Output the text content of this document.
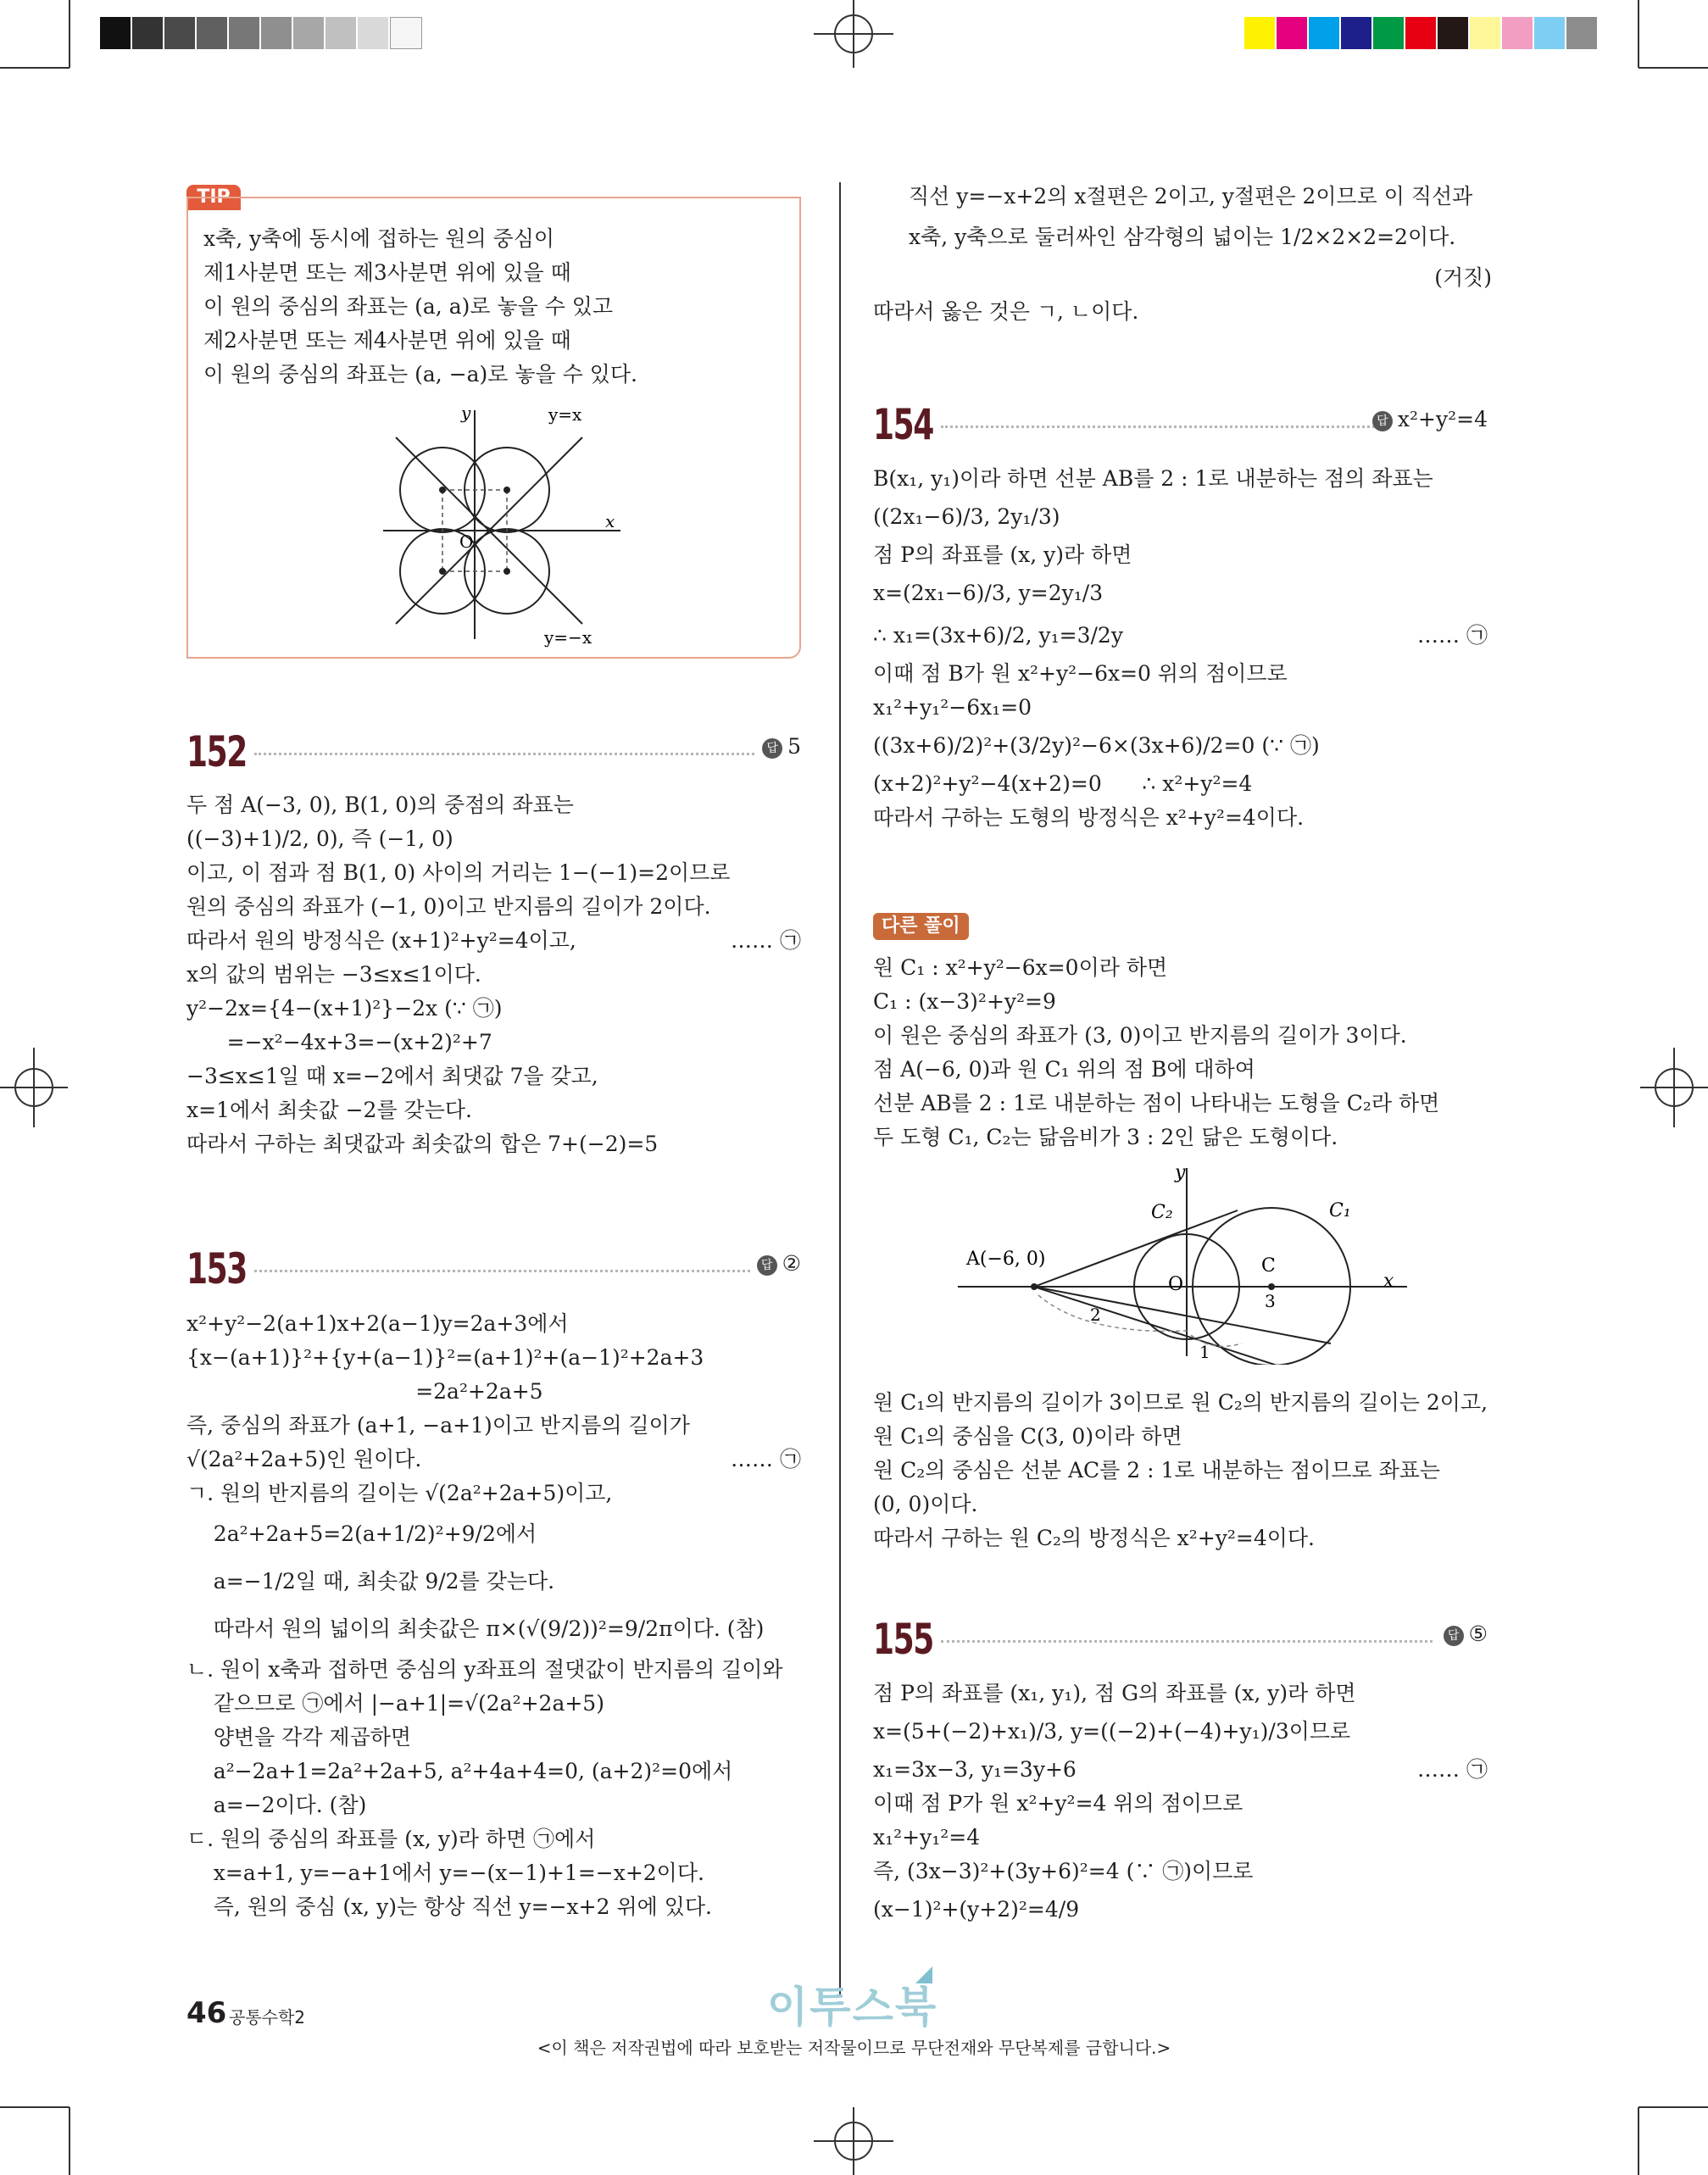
TIP
x축, y축에 동시에 접하는 원의 중심이
제1사분면 또는 제3사분면 위에 있을 때
이 원의 중심의 좌표는 (a, a)로 놓을 수 있고
제2사분면 또는 제4사분면 위에 있을 때
이 원의 중심의 좌표는 (a, −a)로 놓을 수 있다.
y
x
O
y=x
y=−x
152	답 5
두 점 A(−3, 0), B(1, 0)의 중점의 좌표는
((−3)+1)/2, 0), 즉 (−1, 0)
이고, 이 점과 점 B(1, 0) 사이의 거리는 1−(−1)=2이므로
원의 중심의 좌표가 (−1, 0)이고 반지름의 길이가 2이다.
따라서 원의 방정식은 (x+1)²+y²=4이고,	…… ㉠
x의 값의 범위는 −3≤x≤1이다.
y²−2x={4−(x+1)²}−2x (∵ ㉠)
=−x²−4x+3=−(x+2)²+7
−3≤x≤1일 때 x=−2에서 최댓값 7을 갖고,
x=1에서 최솟값 −2를 갖는다.
따라서 구하는 최댓값과 최솟값의 합은 7+(−2)=5
153	답 ②
x²+y²−2(a+1)x+2(a−1)y=2a+3에서
{x−(a+1)}²+{y+(a−1)}²=(a+1)²+(a−1)²+2a+3
=2a²+2a+5
즉, 중심의 좌표가 (a+1, −a+1)이고 반지름의 길이가
√(2a²+2a+5)인 원이다.	…… ㉠
ㄱ. 원의 반지름의 길이는 √(2a²+2a+5)이고,
2a²+2a+5=2(a+1/2)²+9/2에서
a=−1/2일 때, 최솟값 9/2를 갖는다.
따라서 원의 넓이의 최솟값은 π×(√(9/2))²=9/2π이다. (참)
ㄴ. 원이 x축과 접하면 중심의 y좌표의 절댓값이 반지름의 길이와
같으므로 ㉠에서 |−a+1|=√(2a²+2a+5)
양변을 각각 제곱하면
a²−2a+1=2a²+2a+5, a²+4a+4=0, (a+2)²=0에서
a=−2이다. (참)
ㄷ. 원의 중심의 좌표를 (x, y)라 하면 ㉠에서
x=a+1, y=−a+1에서 y=−(x−1)+1=−x+2이다.
즉, 원의 중심 (x, y)는 항상 직선 y=−x+2 위에 있다.
직선 y=−x+2의 x절편은 2이고, y절편은 2이므로 이 직선과
x축, y축으로 둘러싸인 삼각형의 넓이는 1/2×2×2=2이다.
(거짓)
따라서 옳은 것은 ㄱ, ㄴ이다.
154	답 x²+y²=4
B(x₁, y₁)이라 하면 선분 AB를 2 : 1로 내분하는 점의 좌표는
((2x₁−6)/3, 2y₁/3)
점 P의 좌표를 (x, y)라 하면
x=(2x₁−6)/3, y=2y₁/3
∴ x₁=(3x+6)/2, y₁=3/2y	…… ㉠
이때 점 B가 원 x²+y²−6x=0 위의 점이므로
x₁²+y₁²−6x₁=0
((3x+6)/2)²+(3/2y)²−6×(3x+6)/2=0 (∵ ㉠)
(x+2)²+y²−4(x+2)=0      ∴ x²+y²=4
따라서 구하는 도형의 방정식은 x²+y²=4이다.
다른 풀이
원 C₁ : x²+y²−6x=0이라 하면
C₁ : (x−3)²+y²=9
이 원은 중심의 좌표가 (3, 0)이고 반지름의 길이가 3이다.
점 A(−6, 0)과 원 C₁ 위의 점 B에 대하여
선분 AB를 2 : 1로 내분하는 점이 나타내는 도형을 C₂라 하면
두 도형 C₁, C₂는 닮음비가 3 : 2인 닮은 도형이다.
A(−6, 0)
O
C
3
x
y
C₁
C₂
2
1
원 C₁의 반지름의 길이가 3이므로 원 C₂의 반지름의 길이는 2이고,
원 C₁의 중심을 C(3, 0)이라 하면
원 C₂의 중심은 선분 AC를 2 : 1로 내분하는 점이므로 좌표는
(0, 0)이다.
따라서 구하는 원 C₂의 방정식은 x²+y²=4이다.
155	답 ⑤
점 P의 좌표를 (x₁, y₁), 점 G의 좌표를 (x, y)라 하면
x=(5+(−2)+x₁)/3, y=((−2)+(−4)+y₁)/3이므로
x₁=3x−3, y₁=3y+6	…… ㉠
이때 점 P가 원 x²+y²=4 위의 점이므로
x₁²+y₁²=4
즉, (3x−3)²+(3y+6)²=4 (∵ ㉠)이므로
(x−1)²+(y+2)²=4/9
46 공통수학2	이투스북
<이 책은 저작권법에 따라 보호받는 저작물이므로 무단전재와 무단복제를 금합니다.>
